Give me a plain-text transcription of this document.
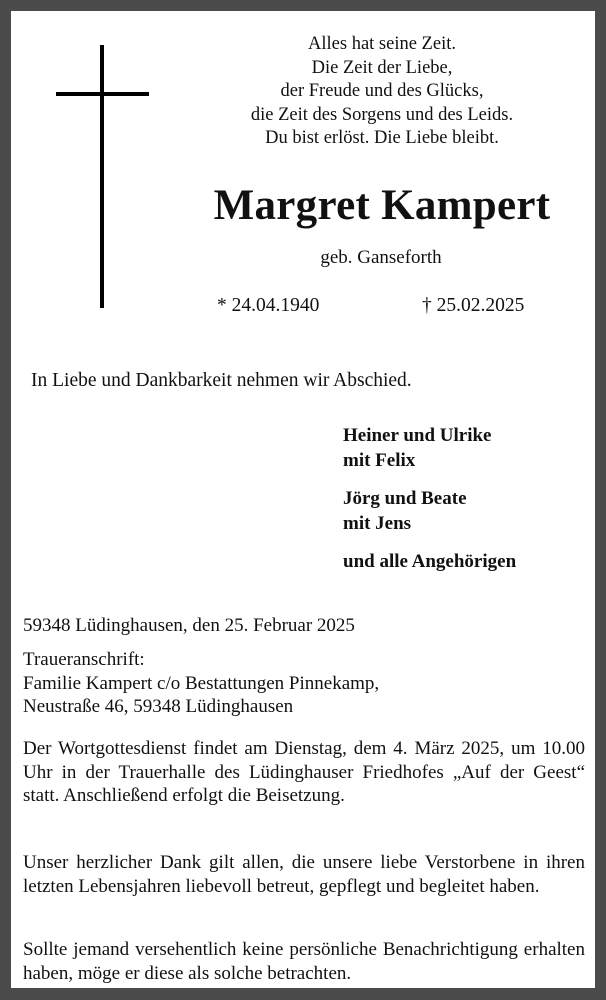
Alles hat seine Zeit.
Die Zeit der Liebe,
der Freude und des Glücks,
die Zeit des Sorgens und des Leids.
Du bist erlöst. Die Liebe bleibt.
Margret Kampert
geb. Ganseforth
* 24.04.1940	† 25.02.2025
In Liebe und Dankbarkeit nehmen wir Abschied.
Heiner und Ulrike
mit Felix
Jörg und Beate
mit Jens
und alle Angehörigen
59348 Lüdinghausen, den 25. Februar 2025
Traueranschrift:
Familie Kampert c/o Bestattungen Pinnekamp,
Neustraße 46, 59348 Lüdinghausen
Der Wortgottesdienst findet am Dienstag, dem 4. März 2025, um 10.00 Uhr in der Trauerhalle des Lüdinghauser Friedhofes „Auf der Geest“ statt. Anschließend erfolgt die Beisetzung.
Unser herzlicher Dank gilt allen, die unsere liebe Verstorbene in ihren letzten Lebensjahren liebevoll betreut, gepflegt und begleitet haben.
Sollte jemand versehentlich keine persönliche Benachrichtigung erhalten haben, möge er diese als solche betrachten.
